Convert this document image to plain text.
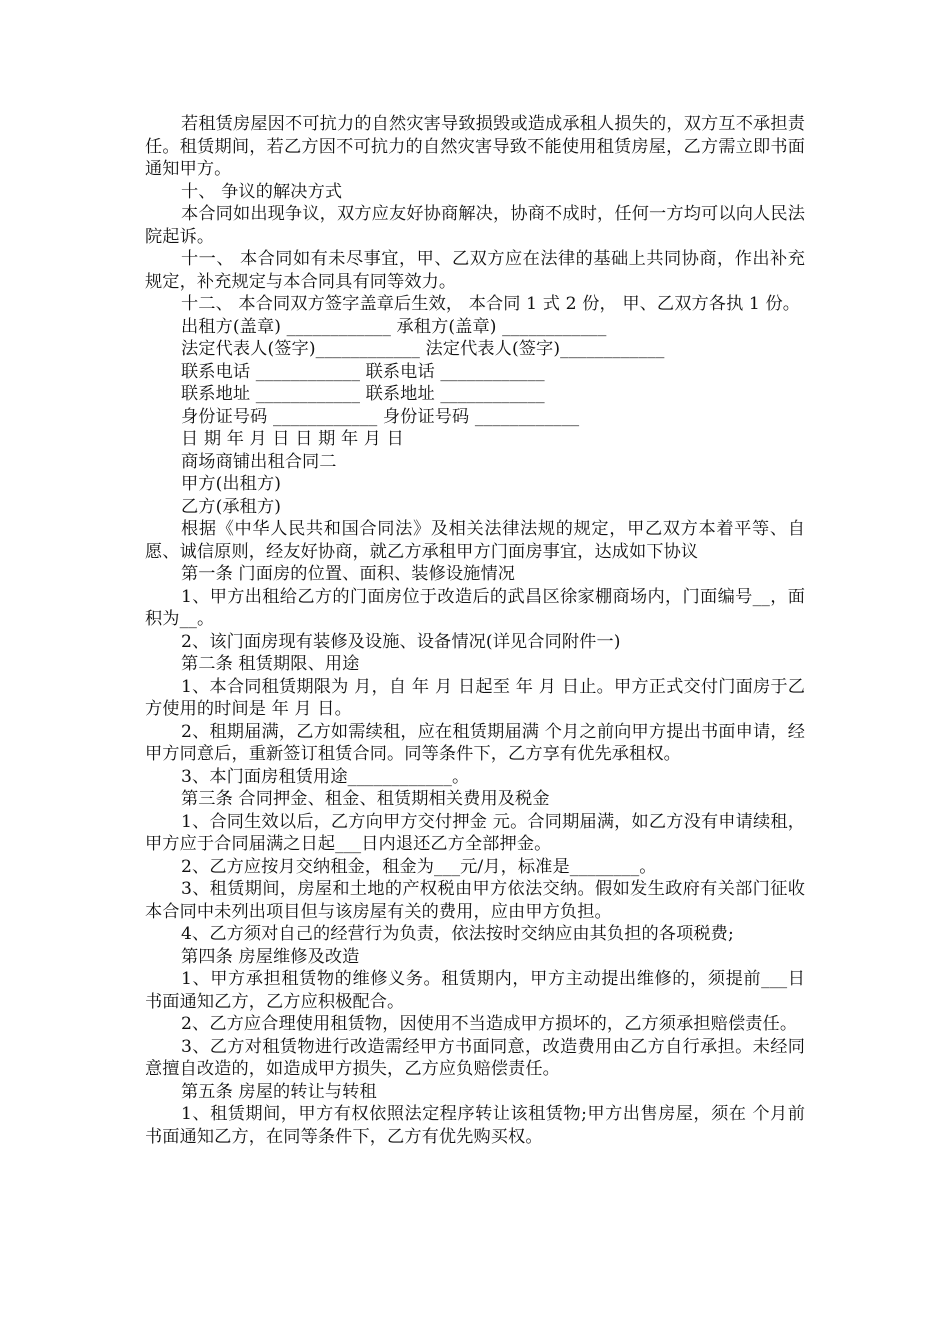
若租赁房屋因不可抗力的自然灾害导致损毁或造成承租人损失的，双方互不承担责任。租赁期间，若乙方因不可抗力的自然灾害导致不能使用租赁房屋，乙方需立即书面通知甲方。

十、 争议的解决方式

本合同如出现争议，双方应友好协商解决，协商不成时，任何一方均可以向人民法院起诉。

十一、 本合同如有未尽事宜，甲、乙双方应在法律的基础上共同协商，作出补充规定，补充规定与本合同具有同等效力。

十二、 本合同双方签字盖章后生效， 本合同 1 式 2 份， 甲、乙双方各执 1 份。

出租方(盖章) ____________ 承租方(盖章) ____________

法定代表人(签字)____________ 法定代表人(签字)____________

联系电话 ____________ 联系电话 ____________

联系地址 ____________ 联系地址 ____________

身份证号码 ____________ 身份证号码 ____________

日 期 年 月 日 日 期 年 月 日

商场商铺出租合同二

甲方(出租方)

乙方(承租方)

根据《中华人民共和国合同法》及相关法律法规的规定，甲乙双方本着平等、自愿、诚信原则，经友好协商，就乙方承租甲方门面房事宜，达成如下协议

第一条 门面房的位置、面积、装修设施情况

1、甲方出租给乙方的门面房位于改造后的武昌区徐家棚商场内，门面编号__，面积为__。

2、该门面房现有装修及设施、设备情况(详见合同附件一)

第二条 租赁期限、用途

1、本合同租赁期限为 月，自 年 月 日起至 年 月 日止。甲方正式交付门面房于乙方使用的时间是 年 月 日。

2、租期届满，乙方如需续租，应在租赁期届满 个月之前向甲方提出书面申请，经甲方同意后，重新签订租赁合同。同等条件下，乙方享有优先承租权。

3、本门面房租赁用途____________。

第三条 合同押金、租金、租赁期相关费用及税金

1、合同生效以后，乙方向甲方交付押金 元。合同期届满，如乙方没有申请续租，甲方应于合同届满之日起___日内退还乙方全部押金。

2、乙方应按月交纳租金，租金为___元/月，标准是________。

3、租赁期间，房屋和土地的产权税由甲方依法交纳。假如发生政府有关部门征收本合同中未列出项目但与该房屋有关的费用，应由甲方负担。

4、乙方须对自己的经营行为负责，依法按时交纳应由其负担的各项税费;

第四条 房屋维修及改造

1、甲方承担租赁物的维修义务。租赁期内，甲方主动提出维修的，须提前___日书面通知乙方，乙方应积极配合。

2、乙方应合理使用租赁物，因使用不当造成甲方损坏的，乙方须承担赔偿责任。

3、乙方对租赁物进行改造需经甲方书面同意，改造费用由乙方自行承担。未经同意擅自改造的，如造成甲方损失，乙方应负赔偿责任。

第五条 房屋的转让与转租

1、租赁期间，甲方有权依照法定程序转让该租赁物;甲方出售房屋，须在 个月前书面通知乙方，在同等条件下，乙方有优先购买权。
